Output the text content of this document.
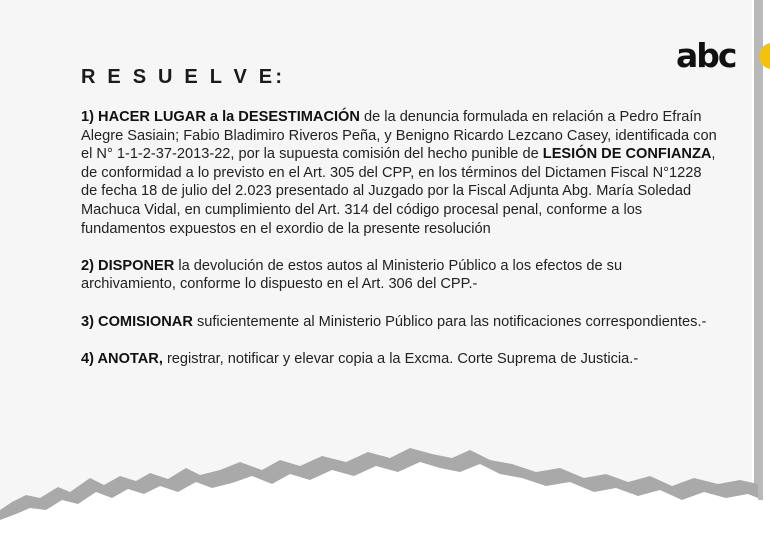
abc
R E S U E L V E:

1) HACER LUGAR a la DESESTIMACIÓN de la denuncia formulada en relación a Pedro Efraín Alegre Sasiain; Fabio Bladimiro Riveros Peña, y Benigno Ricardo Lezcano Casey, identificada con el N° 1-1-2-37-2013-22, por la supuesta comisión del hecho punible de LESIÓN DE CONFIANZA, de conformidad a lo previsto en el Art. 305 del CPP, en los términos del Dictamen Fiscal N°1228 de fecha 18 de julio del 2.023 presentado al Juzgado por la Fiscal Adjunta Abg. María Soledad Machuca Vidal, en cumplimiento del Art. 314 del código procesal penal, conforme a los fundamentos expuestos en el exordio de la presente resolución

2) DISPONER la devolución de estos autos al Ministerio Público a los efectos de su archivamiento, conforme lo dispuesto en el Art. 306 del CPP.-

3) COMISIONAR suficientemente al Ministerio Público para las notificaciones correspondientes.-

4) ANOTAR, registrar, notificar y elevar copia a la Excma. Corte Suprema de Justicia.-
